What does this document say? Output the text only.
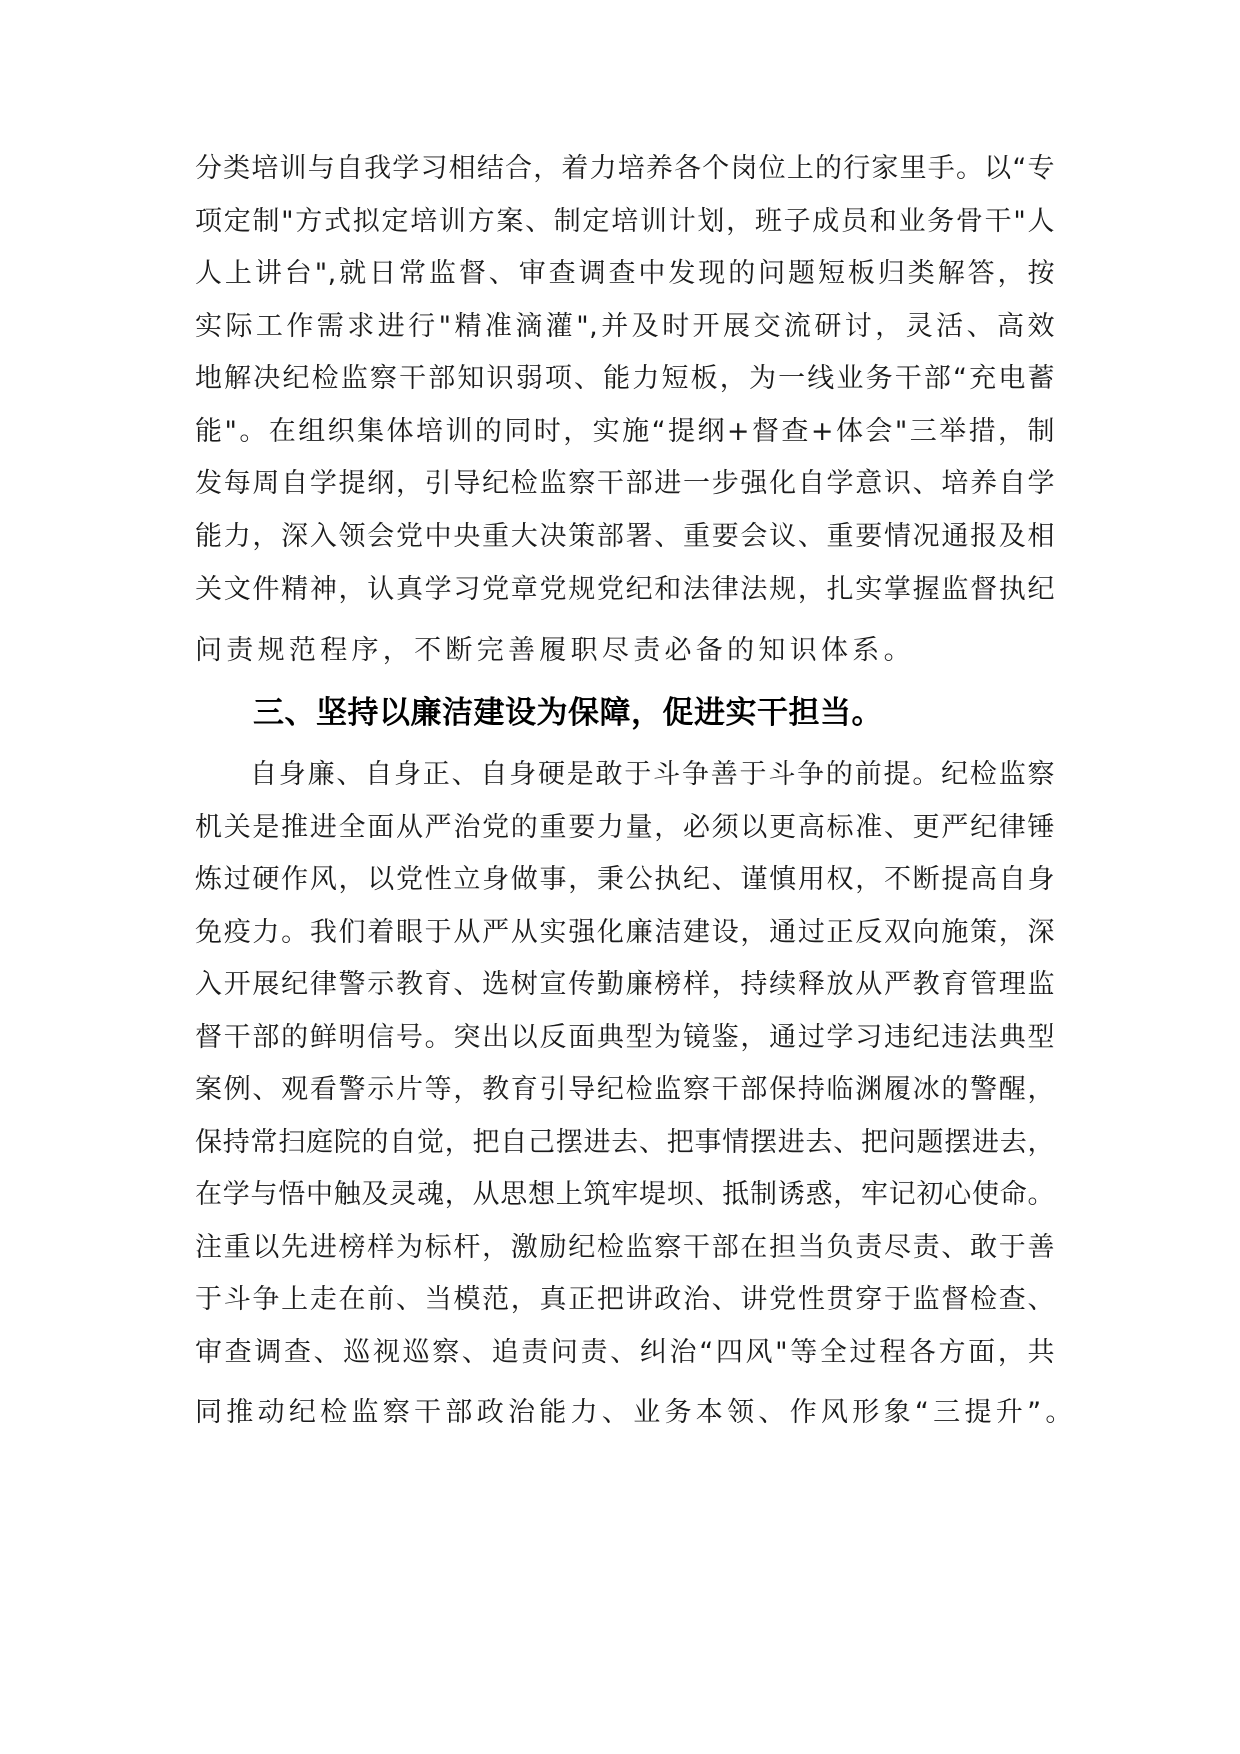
分类培训与自我学习相结合，着力培养各个岗位上的行家里手。以“专
项定制"方式拟定培训方案、制定培训计划，班子成员和业务骨干"人
人上讲台",就日常监督、审查调查中发现的问题短板归类解答，按
实际工作需求进行"精准滴灌",并及时开展交流研讨，灵活、高效
地解决纪检监察干部知识弱项、能力短板，为一线业务干部“充电蓄
能"。在组织集体培训的同时，实施“提纲+督查+体会"三举措，制
发每周自学提纲，引导纪检监察干部进一步强化自学意识、培养自学
能力，深入领会党中央重大决策部署、重要会议、重要情况通报及相
关文件精神，认真学习党章党规党纪和法律法规，扎实掌握监督执纪
问责规范程序，不断完善履职尽责必备的知识体系。
三、坚持以廉洁建设为保障，促进实干担当。
自身廉、自身正、自身硬是敢于斗争善于斗争的前提。纪检监察
机关是推进全面从严治党的重要力量，必须以更高标准、更严纪律锤
炼过硬作风，以党性立身做事，秉公执纪、谨慎用权，不断提高自身
免疫力。我们着眼于从严从实强化廉洁建设，通过正反双向施策，深
入开展纪律警示教育、选树宣传勤廉榜样，持续释放从严教育管理监
督干部的鲜明信号。突出以反面典型为镜鉴，通过学习违纪违法典型
案例、观看警示片等，教育引导纪检监察干部保持临渊履冰的警醒，
保持常扫庭院的自觉，把自己摆进去、把事情摆进去、把问题摆进去，
在学与悟中触及灵魂，从思想上筑牢堤坝、抵制诱惑，牢记初心使命。
注重以先进榜样为标杆，激励纪检监察干部在担当负责尽责、敢于善
于斗争上走在前、当模范，真正把讲政治、讲党性贯穿于监督检查、
审查调查、巡视巡察、追责问责、纠治“四风"等全过程各方面，共
同推动纪检监察干部政治能力、业务本领、作风形象“三提升”。
